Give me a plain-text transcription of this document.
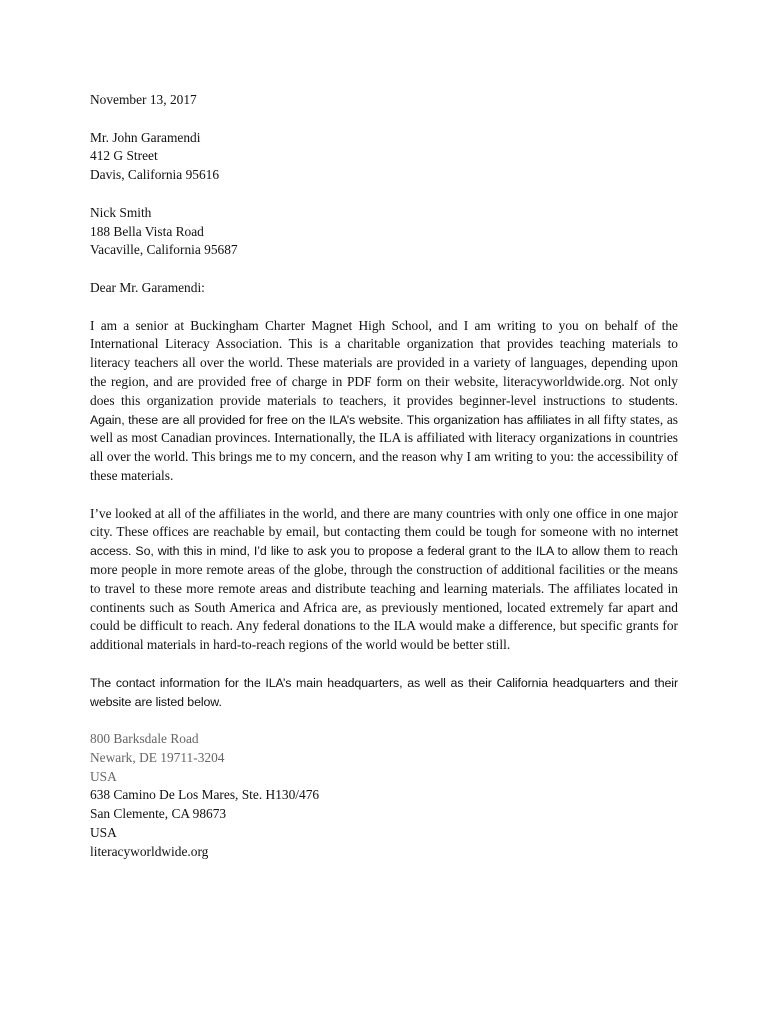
November 13, 2017
Mr. John Garamendi
412 G Street
Davis, California 95616
Nick Smith
188 Bella Vista Road
Vacaville, California 95687
Dear Mr. Garamendi:

I am a senior at Buckingham Charter Magnet High School, and I am writing to you on behalf of the International Literacy Association. This is a charitable organization that provides teaching materials to literacy teachers all over the world. These materials are provided in a variety of languages, depending upon the region, and are provided free of charge in PDF form on their website, literacyworldwide.org. Not only does this organization provide materials to teachers, it provides beginner-level instructions to students. Again, these are all provided for free on the ILA’s website. This organization has affiliates in all fifty states, as well as most Canadian provinces. Internationally, the ILA is affiliated with literacy organizations in countries all over the world. This brings me to my concern, and the reason why I am writing to you: the accessibility of these materials.

I’ve looked at all of the affiliates in the world, and there are many countries with only one office in one major city. These offices are reachable by email, but contacting them could be tough for someone with no internet access. So, with this in mind, I’d like to ask you to propose a federal grant to the ILA to allow them to reach more people in more remote areas of the globe, through the construction of additional facilities or the means to travel to these more remote areas and distribute teaching and learning materials. The affiliates located in continents such as South America and Africa are, as previously mentioned, located extremely far apart and could be difficult to reach. Any federal donations to the ILA would make a difference, but specific grants for additional materials in hard-to-reach regions of the world would be better still.

The contact information for the ILA’s main headquarters, as well as their California headquarters and their website are listed below.

800 Barksdale Road
Newark, DE 19711-3204
USA
638 Camino De Los Mares, Ste. H130/476
San Clemente, CA 98673
USA
literacyworldwide.org
